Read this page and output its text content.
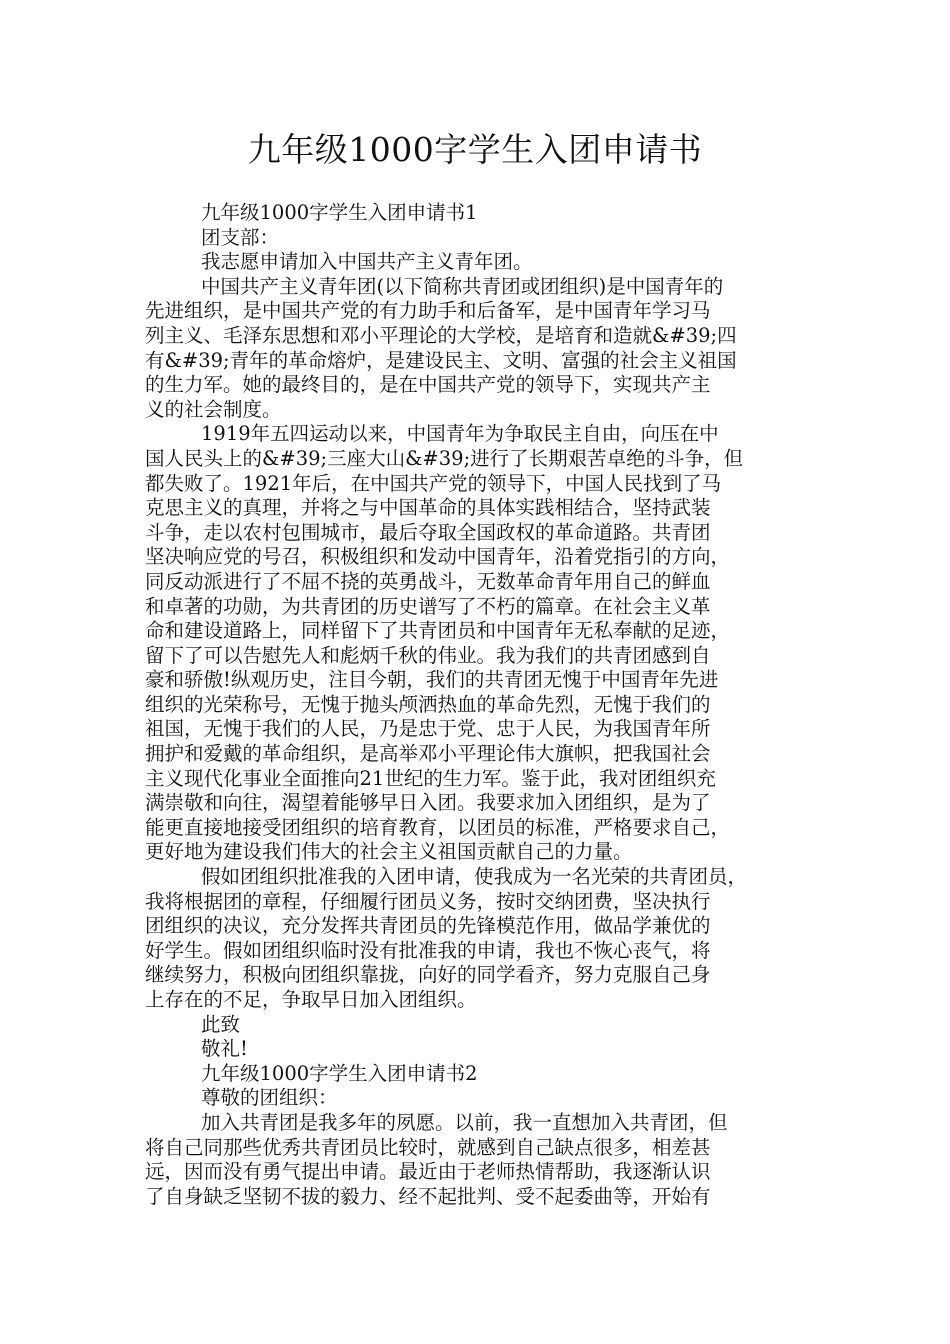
九年级1000字学生入团申请书
九年级1000字学生入团申请书1
团支部：
我志愿申请加入中国共产主义青年团。
中国共产主义青年团(以下简称共青团或团组织)是中国青年的
先进组织，是中国共产党的有力助手和后备军，是中国青年学习马
列主义、毛泽东思想和邓小平理论的大学校，是培育和造就&#39;四
有&#39;青年的革命熔炉，是建设民主、文明、富强的社会主义祖国
的生力军。她的最终目的，是在中国共产党的领导下，实现共产主
义的社会制度。
1919年五四运动以来，中国青年为争取民主自由，向压在中
国人民头上的&#39;三座大山&#39;进行了长期艰苦卓绝的斗争，但
都失败了。1921年后，在中国共产党的领导下，中国人民找到了马
克思主义的真理，并将之与中国革命的具体实践相结合，坚持武装
斗争，走以农村包围城市，最后夺取全国政权的革命道路。共青团
坚决响应党的号召，积极组织和发动中国青年，沿着党指引的方向，
同反动派进行了不屈不挠的英勇战斗，无数革命青年用自己的鲜血
和卓著的功勋，为共青团的历史谱写了不朽的篇章。在社会主义革
命和建设道路上，同样留下了共青团员和中国青年无私奉献的足迹，
留下了可以告慰先人和彪炳千秋的伟业。我为我们的共青团感到自
豪和骄傲!纵观历史，注目今朝，我们的共青团无愧于中国青年先进
组织的光荣称号，无愧于抛头颅洒热血的革命先烈，无愧于我们的
祖国，无愧于我们的人民，乃是忠于党、忠于人民，为我国青年所
拥护和爱戴的革命组织，是高举邓小平理论伟大旗帜，把我国社会
主义现代化事业全面推向21世纪的生力军。鉴于此，我对团组织充
满崇敬和向往，渴望着能够早日入团。我要求加入团组织，是为了
能更直接地接受团组织的培育教育，以团员的标准，严格要求自己，
更好地为建设我们伟大的社会主义祖国贡献自己的力量。
假如团组织批准我的入团申请，使我成为一名光荣的共青团员，
我将根据团的章程，仔细履行团员义务，按时交纳团费，坚决执行
团组织的决议，充分发挥共青团员的先锋模范作用，做品学兼优的
好学生。假如团组织临时没有批准我的申请，我也不恢心丧气，将
继续努力，积极向团组织靠拢，向好的同学看齐，努力克服自己身
上存在的不足，争取早日加入团组织。
此致
敬礼!
九年级1000字学生入团申请书2
尊敬的团组织：
加入共青团是我多年的夙愿。以前，我一直想加入共青团，但
将自己同那些优秀共青团员比较时，就感到自己缺点很多，相差甚
远，因而没有勇气提出申请。最近由于老师热情帮助，我逐渐认识
了自身缺乏坚韧不拔的毅力、经不起批判、受不起委曲等，开始有
